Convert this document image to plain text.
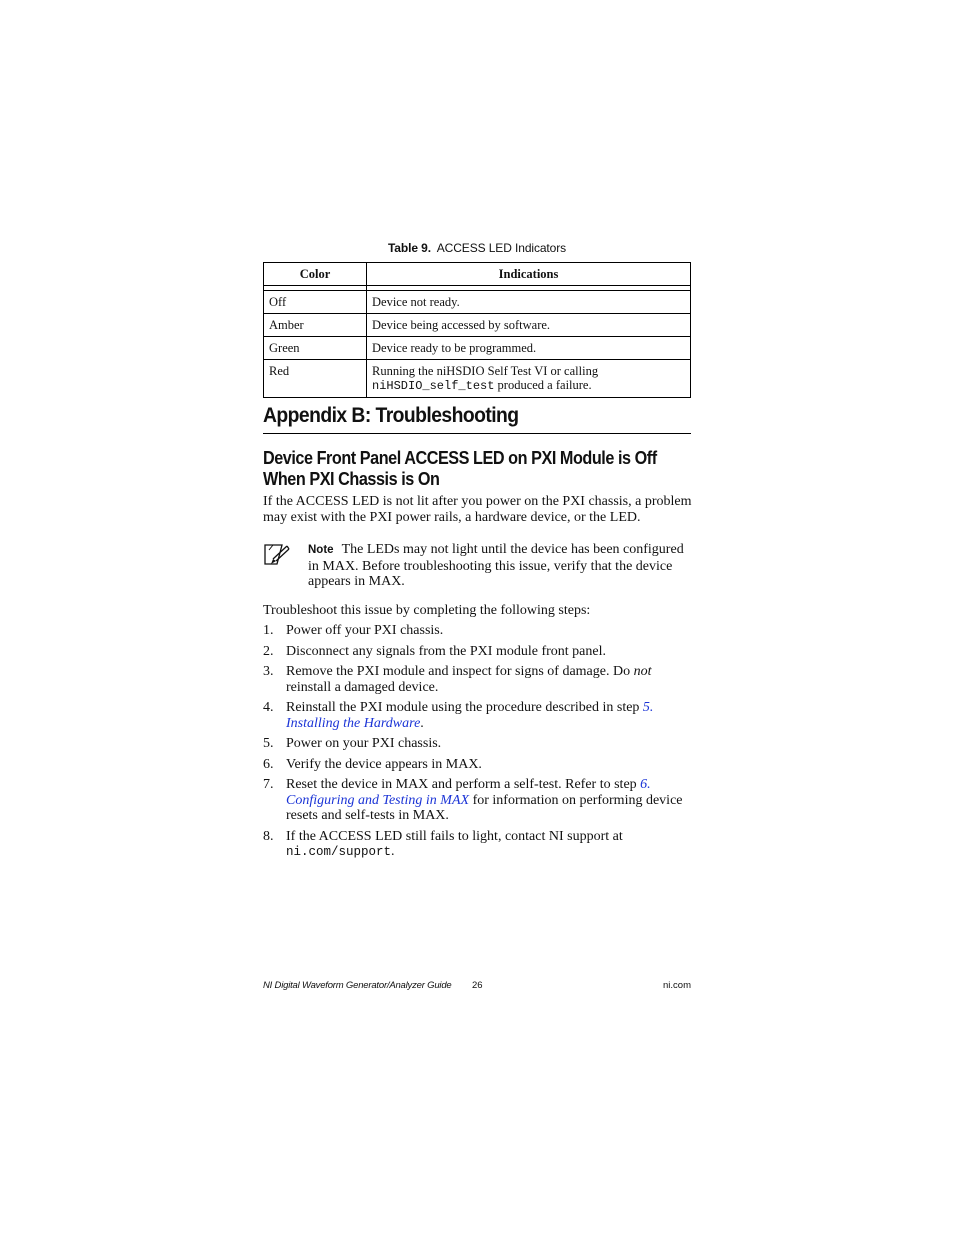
Table 9. ACCESS LED Indicators
Color	Indications

Off	Device not ready.
Amber	Device being accessed by software.
Green	Device ready to be programmed.
Red	Running the niHSDIO Self Test VI or calling
niHSDIO_self_test produced a failure.
Appendix B: Troubleshooting
Device Front Panel ACCESS LED on PXI Module is Off
When PXI Chassis is On
If the ACCESS LED is not lit after you power on the PXI chassis, a problem may exist with the PXI power rails, a hardware device, or the LED.
Note The LEDs may not light until the device has been configured in MAX. Before troubleshooting this issue, verify that the device appears in MAX.
Troubleshoot this issue by completing the following steps:
1. Power off your PXI chassis.
2. Disconnect any signals from the PXI module front panel.
3. Remove the PXI module and inspect for signs of damage. Do not reinstall a damaged device.
4. Reinstall the PXI module using the procedure described in step 5. Installing the Hardware.
5. Power on your PXI chassis.
6. Verify the device appears in MAX.
7. Reset the device in MAX and perform a self-test. Refer to step 6. Configuring and Testing in MAX for information on performing device resets and self-tests in MAX.
8. If the ACCESS LED still fails to light, contact NI support at ni.com/support.
NI Digital Waveform Generator/Analyzer Guide 26	ni.com
